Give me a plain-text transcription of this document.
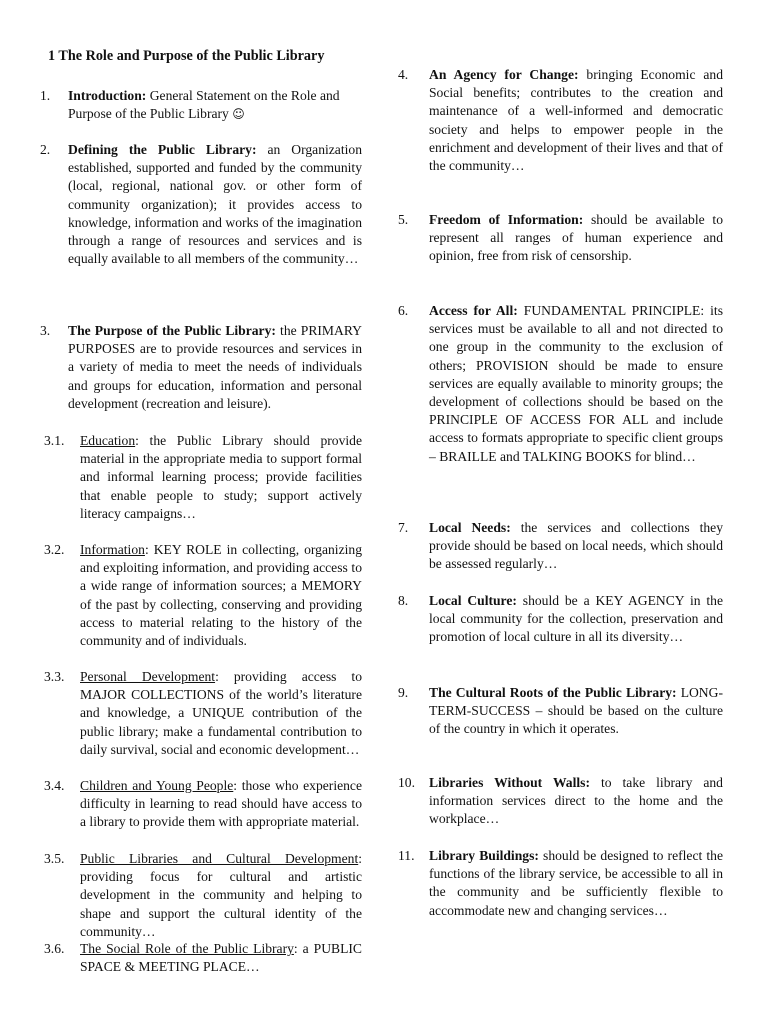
1 The Role and Purpose of the Public Library
1. Introduction: General Statement on the Role and Purpose of the Public Library ☺
2. Defining the Public Library: an Organization established, supported and funded by the community (local, regional, national gov. or other form of community organization); it provides access to knowledge, information and works of the imagination through a range of resources and services and is equally available to all members of the community…
3. The Purpose of the Public Library: the PRIMARY PURPOSES are to provide resources and services in a variety of media to meet the needs of individuals and groups for education, information and personal development (recreation and leisure).
3.1. Education: the Public Library should provide material in the appropriate media to support formal and informal learning process; provide facilities that enable people to study; support actively literacy campaigns…
3.2. Information: KEY ROLE in collecting, organizing and exploiting information, and providing access to a wide range of information sources; a MEMORY of the past by collecting, conserving and providing access to material relating to the history of the community and of individuals.
3.3. Personal Development: providing access to MAJOR COLLECTIONS of the world’s literature and knowledge, a UNIQUE contribution of the public library; make a fundamental contribution to daily survival, social and economic development…
3.4. Children and Young People: those who experience difficulty in learning to read should have access to a library to provide them with appropriate material.
3.5. Public Libraries and Cultural Development: providing focus for cultural and artistic development in the community and helping to shape and support the cultural identity of the community…
3.6. The Social Role of the Public Library: a PUBLIC SPACE & MEETING PLACE…
4. An Agency for Change: bringing Economic and Social benefits; contributes to the creation and maintenance of a well-informed and democratic society and helps to empower people in the enrichment and development of their lives and that of the community…
5. Freedom of Information: should be available to represent all ranges of human experience and opinion, free from risk of censorship.
6. Access for All: FUNDAMENTAL PRINCIPLE: its services must be available to all and not directed to one group in the community to the exclusion of others; PROVISION should be made to ensure services are equally available to minority groups; the development of collections should be based on the PRINCIPLE OF ACCESS FOR ALL and include access to formats appropriate to specific client groups – BRAILLE and TALKING BOOKS for blind…
7. Local Needs: the services and collections they provide should be based on local needs, which should be assessed regularly…
8. Local Culture: should be a KEY AGENCY in the local community for the collection, preservation and promotion of local culture in all its diversity…
9. The Cultural Roots of the Public Library: LONG-TERM-SUCCESS – should be based on the culture of the country in which it operates.
10. Libraries Without Walls: to take library and information services direct to the home and the workplace…
11. Library Buildings: should be designed to reflect the functions of the library service, be accessible to all in the community and be sufficiently flexible to accommodate new and changing services…
